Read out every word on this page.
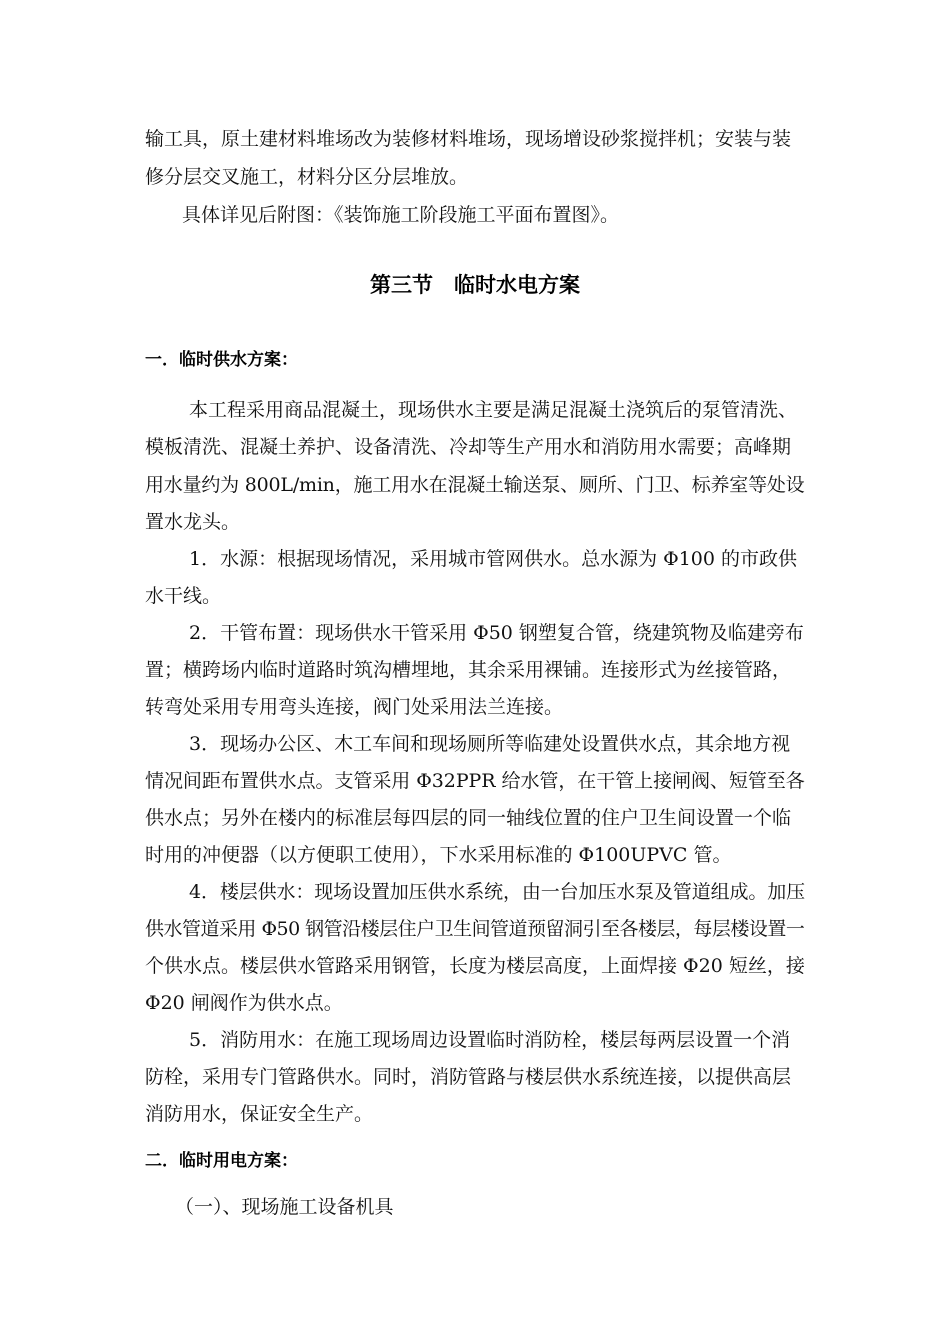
输工具，原土建材料堆场改为装修材料堆场，现场增设砂浆搅拌机；安装与装
修分层交叉施工，材料分区分层堆放。
具体详见后附图：《装饰施工阶段施工平面布置图》。
第三节　临时水电方案
一．临时供水方案：
本工程采用商品混凝土，现场供水主要是满足混凝土浇筑后的泵管清洗、
模板清洗、混凝土养护、设备清洗、冷却等生产用水和消防用水需要；高峰期
用水量约为 800L/min，施工用水在混凝土输送泵、厕所、门卫、标养室等处设
置水龙头。
1．水源：根据现场情况，采用城市管网供水。总水源为 Φ100 的市政供
水干线。
2．干管布置：现场供水干管采用 Φ50 钢塑复合管，绕建筑物及临建旁布
置；横跨场内临时道路时筑沟槽埋地，其余采用裸铺。连接形式为丝接管路，
转弯处采用专用弯头连接，阀门处采用法兰连接。
3．现场办公区、木工车间和现场厕所等临建处设置供水点，其余地方视
情况间距布置供水点。支管采用 Φ32PPR 给水管，在干管上接闸阀、短管至各
供水点；另外在楼内的标准层每四层的同一轴线位置的住户卫生间设置一个临
时用的冲便器（以方便职工使用），下水采用标准的 Φ100UPVC 管。
4．楼层供水：现场设置加压供水系统，由一台加压水泵及管道组成。加压
供水管道采用 Φ50 钢管沿楼层住户卫生间管道预留洞引至各楼层，每层楼设置一
个供水点。楼层供水管路采用钢管，长度为楼层高度，上面焊接 Φ20 短丝，接
Φ20 闸阀作为供水点。
5．消防用水：在施工现场周边设置临时消防栓，楼层每两层设置一个消
防栓，采用专门管路供水。同时，消防管路与楼层供水系统连接，以提供高层
消防用水，保证安全生产。
二．临时用电方案：
（一）、现场施工设备机具
